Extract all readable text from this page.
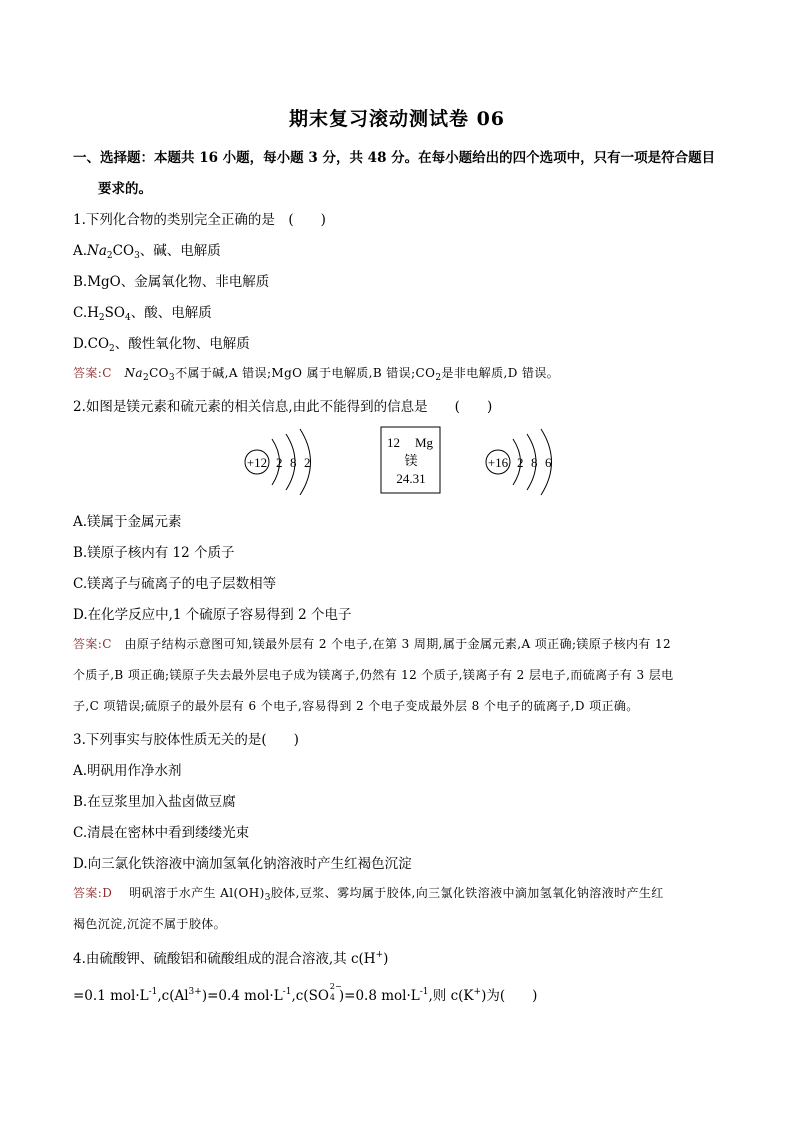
期末复习滚动测试卷 06
一、选择题：本题共 16 小题，每小题 3 分，共 48 分。在每小题给出的四个选项中，只有一项是符合题目
要求的。
1.下列化合物的类别完全正确的是　(　　)
$A.Na_2CO_3$、碱、电解质
B.MgO、金属氧化物、非电解质
$C.H_2SO_4$、酸、电解质
$D.CO_2$、酸性氧化物、电解质
答案:C $Na_2CO_3$不属于碱,A 错误;MgO 属于电解质,B 错误$;CO_2$是非电解质,D 错误。
2.如图是镁元素和硫元素的相关信息,由此不能得到的信息是　　(　　)
+12 2 8 2
12 Mg
镁
24.31
+16 2 8 6
A.镁属于金属元素
B.镁原子核内有 12 个质子
C.镁离子与硫离子的电子层数相等
D.在化学反应中,1 个硫原子容易得到 2 个电子
答案:C 由原子结构示意图可知,镁最外层有 2 个电子,在第 3 周期,属于金属元素,A 项正确;镁原子核内有 12
个质子,B 项正确;镁原子失去最外层电子成为镁离子,仍然有 12 个质子,镁离子有 2 层电子,而硫离子有 3 层电
子,C 项错误;硫原子的最外层有 6 个电子,容易得到 2 个电子变成最外层 8 个电子的硫离子,D 项正确。
3.下列事实与胶体性质无关的是(　　)
A.明矾用作净水剂
B.在豆浆里加入盐卤做豆腐
C.清晨在密林中看到缕缕光束
D.向三氯化铁溶液中滴加氢氧化钠溶液时产生红褐色沉淀
答案:D 明矾溶于水产生 $Al(OH)_3$胶体,豆浆、雾均属于胶体,向三氯化铁溶液中滴加氢氧化钠溶液时产生红
褐色沉淀,沉淀不属于胶体。
4.由硫酸钾、硫酸铝和硫酸组成的混合溶液,其 c(H+)
=0.1 $mol\cdot L^{-1},c(Al^{3+})=0.4$ $mol\cdot L^{-1},c(SO$
2−
4 )=0.8 $mol\cdot L^{-1}$,则 c(K+)为(　　)
